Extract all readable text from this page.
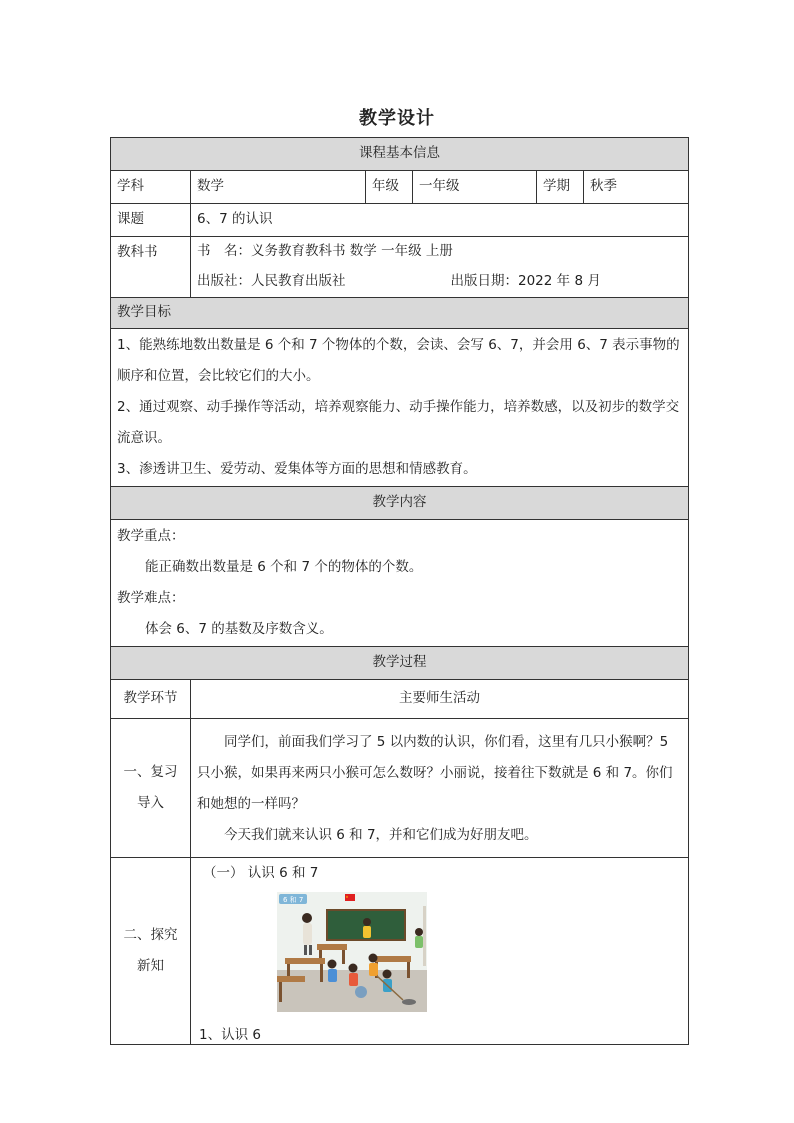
教学设计
课程基本信息					
学科	数学	年级	一年级	学期	秋季
课题	6、7 的认识				
教科书	书　名：义务教育教科书 数学 一年级 上册
出版社：人民教育出版社 出版日期：2022 年 8 月				

教学目标					

1、能熟练地数出数量是 6 个和 7 个物体的个数，会读、会写 6、7，并会用 6、7 表示事物的顺序和位置，会比较它们的大小。

2、通过观察、动手操作等活动，培养观察能力、动手操作能力，培养数感，以及初步的数学交流意识。

3、渗透讲卫生、爱劳动、爱集体等方面的思想和情感教育。					

教学内容					

教学重点：

能正确数出数量是 6 个和 7 个的物体的个数。

教学难点：

体会 6、7 的基数及序数含义。					

教学过程					
教学环节	主要师生活动				
一、复习导入	同学们，前面我们学习了 5 以内数的认识，你们看，这里有几只小猴啊？5 只小猴，如果再来两只小猴可怎么数呀？小丽说，接着往下数就是 6 和 7。你们和她想的一样吗？

今天我们就来认识 6 和 7，并和它们成为好朋友吧。				

二、探究新知	（一） 认识 6 和 7
6 和 7
1、认识 6				
